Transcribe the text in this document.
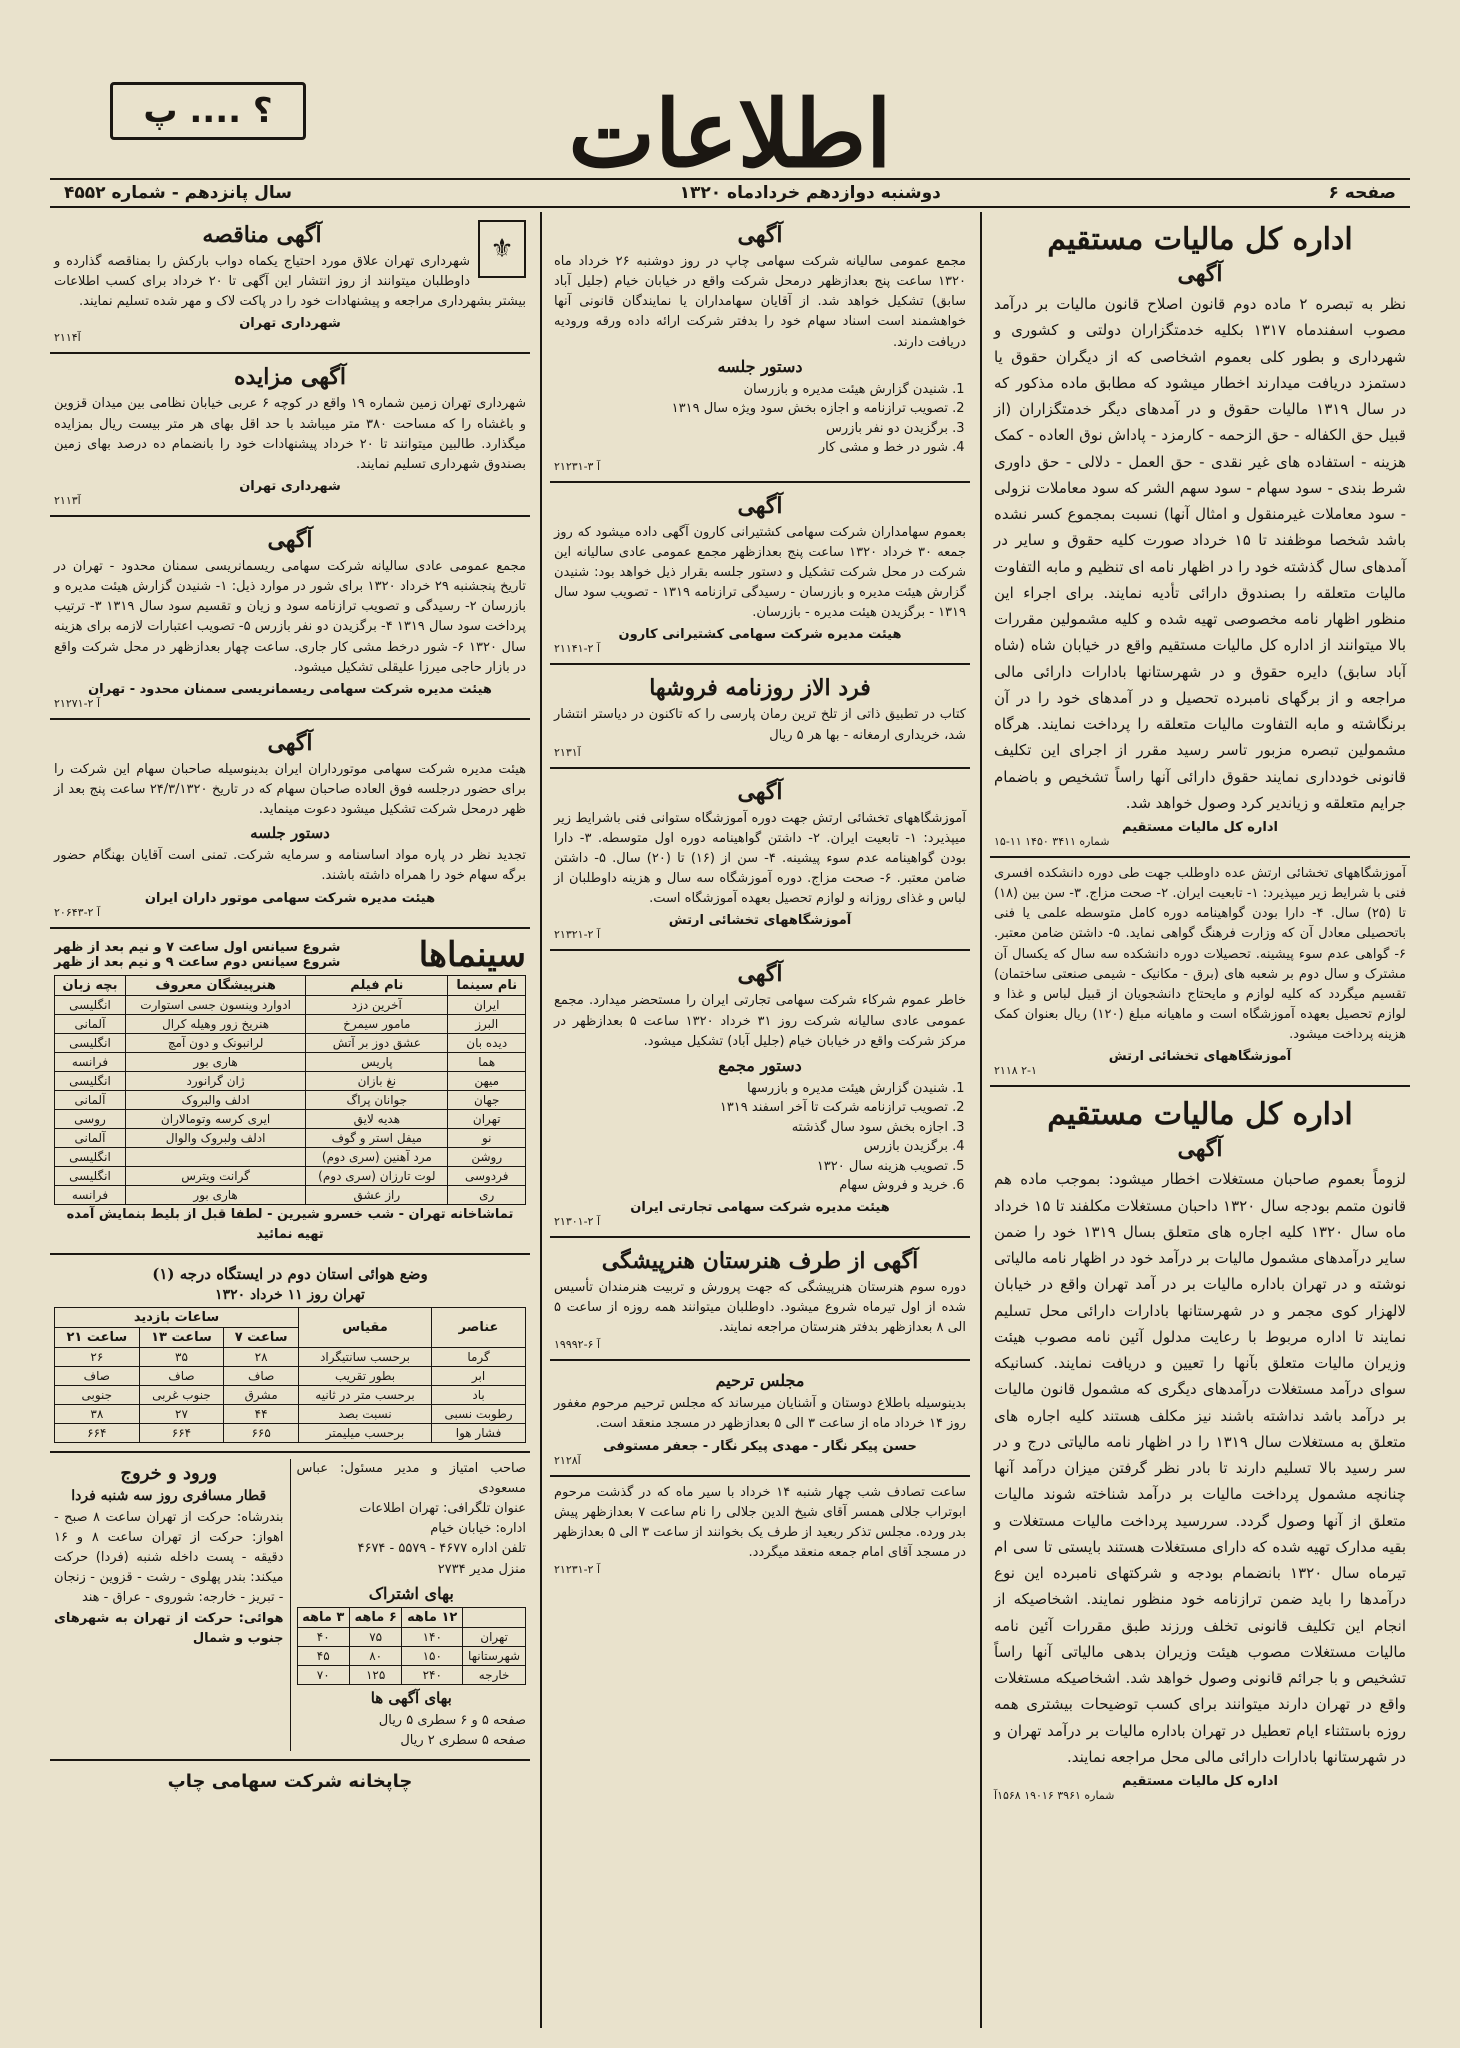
اطلاعات
؟ .... پ
صفحه ۶
دوشنبه دوازدهم خردادماه ۱۳۲۰
سال پانزدهم - شماره ۴۵۵۲
اداره کل مالیات مستقیم
آگهی
نظر به تبصره ۲ ماده دوم قانون اصلاح قانون مالیات بر درآمد مصوب اسفندماه ۱۳۱۷ بکلیه خدمتگزاران دولتی و کشوری و شهرداری و بطور کلی بعموم اشخاصی که از دیگران حقوق یا دستمزد دریافت میدارند اخطار میشود که مطابق ماده مذکور که در سال ۱۳۱۹ مالیات حقوق و در آمدهای دیگر خدمتگزاران (از قبیل حق الکفاله - حق الزحمه - کارمزد - پاداش نوق العاده - کمک هزینه - استفاده های غیر نقدی - حق العمل - دلالی - حق داوری شرط بندی - سود سهام - سود سهم الشر که سود معاملات نزولی - سود معاملات غیرمنقول و امثال آنها) نسبت بمجموع کسر نشده باشد شخصا موظفند تا ۱۵ خرداد صورت کلیه حقوق و سایر در آمدهای سال گذشته خود را در اظهار نامه ای تنظیم و مابه التفاوت مالیات متعلقه را بصندوق دارائی تأدیه نمایند. برای اجراء این منظور اظهار نامه مخصوصی تهیه شده و کلیه مشمولین مقررات بالا میتوانند از اداره کل مالیات مستقیم واقع در خیابان شاه (شاه آباد سابق) دایره حقوق و در شهرستانها بادارات دارائی مالی مراجعه و از برگهای نامبرده تحصیل و در آمدهای خود را در آن برنگاشته و مابه التفاوت مالیات متعلقه را پرداخت نمایند. هرگاه مشمولین تبصره مزبور تاسر رسید مقرر از اجرای این تکلیف قانونی خودداری نمایند حقوق دارائی آنها راساً تشخیص و باضمام جرایم متعلقه و زیاندیر کرد وصول خواهد شد.
اداره کل مالیات مستقیم
شماره ۳۴۱۱ ۱۴۵۰ ۱۱-۱۵
آموزشگاههای تخشائی ارتش عده داوطلب جهت طی دوره دانشکده افسری فنی با شرایط زیر میپذیرد: ۱- تابعیت ایران. ۲- صحت مزاج. ۳- سن بین (۱۸) تا (۲۵) سال. ۴- دارا بودن گواهینامه دوره کامل متوسطه علمی یا فنی باتحصیلی معادل آن که وزارت فرهنگ گواهی نماید. ۵- داشتن ضامن معتبر. ۶- گواهی عدم سوء پیشینه. تحصیلات دوره دانشکده سه سال که یکسال آن مشترک و سال دوم بر شعبه های (برق - مکانیک - شیمی صنعتی ساختمان) تقسیم میگردد که کلیه لوازم و مایحتاج دانشجویان از قبیل لباس و غذا و لوازم تحصیل بعهده آموزشگاه است و ماهیانه مبلغ (۱۲۰) ریال بعنوان کمک هزینه پرداخت میشود.
آموزشگاههای تخشائی ارتش
۲۱۱۸ ۲-۱
اداره کل مالیات مستقیم
آگهی
لزوماً بعموم صاحبان مستغلات اخطار میشود: بموجب ماده هم قانون متمم بودجه سال ۱۳۲۰ داحبان مستغلات مکلفند تا ۱۵ خرداد ماه سال ۱۳۲۰ کلیه اجاره های متعلق بسال ۱۳۱۹ خود را ضمن سایر درآمدهای مشمول مالیات بر درآمد خود در اظهار نامه مالیاتی نوشته و در تهران باداره مالیات بر در آمد تهران واقع در خیابان لالهزار کوی مجمر و در شهرستانها بادارات دارائی محل تسلیم نمایند تا اداره مربوط با رعایت مدلول آئین نامه مصوب هیئت وزیران مالیات متعلق بآنها را تعیین و دریافت نمایند. کسانیکه سوای درآمد مستغلات درآمدهای دیگری که مشمول قانون مالیات بر درآمد باشد نداشته باشند نیز مکلف هستند کلیه اجاره های متعلق به مستغلات سال ۱۳۱۹ را در اظهار نامه مالیاتی درج و در سر رسید بالا تسلیم دارند تا بادر نظر گرفتن میزان درآمد آنها چنانچه مشمول پرداخت مالیات بر درآمد شناخته شوند مالیات متعلق از آنها وصول گردد. سررسید پرداخت مالیات مستغلات و بقیه مدارک تهیه شده که دارای مستغلات هستند بایستی تا سی ام تیرماه سال ۱۳۲۰ بانضمام بودجه و شرکتهای نامبرده این نوع درآمدها را باید ضمن ترازنامه خود منظور نمایند. اشخاصیکه از انجام این تکلیف قانونی تخلف ورزند طبق مقررات آئین نامه مالیات مستغلات مصوب هیئت وزیران بدهی مالیاتی آنها راساً تشخیص و با جرائم قانونی وصول خواهد شد. اشخاصیکه مستغلات واقع در تهران دارند میتوانند برای کسب توضیحات بیشتری همه روزه باستثناء ایام تعطیل در تهران باداره مالیات بر درآمد تهران و در شهرستانها بادارات دارائی مالی محل مراجعه نمایند.
اداره کل مالیات مستقیم
شماره ۳۹۶۱ ۱۹۰۱۶ ۱۵۶۸آ
آگهی
مجمع عمومی سالیانه شرکت سهامی چاپ در روز دوشنبه ۲۶ خرداد ماه ۱۳۲۰ ساعت پنج بعدازظهر درمحل شرکت واقع در خیابان خیام (جلیل آباد سابق) تشکیل خواهد شد. از آقایان سهامداران یا نمایندگان قانونی آنها خواهشمند است اسناد سهام خود را بدفتر شرکت ارائه داده ورقه ورودیه دریافت دارند.
دستور جلسه
1. شنیدن گزارش هیئت مدیره و بازرسان
2. تصویب ترازنامه و اجازه بخش سود ویژه سال ۱۳۱۹
3. برگزیدن دو نفر بازرس
4. شور در خط و مشی کار
۲۱۲۳آ ۳-۱
آگهی
بعموم سهامداران شرکت سهامی کشتیرانی کارون آگهی داده میشود که روز جمعه ۳۰ خرداد ۱۳۲۰ ساعت پنج بعدازظهر مجمع عمومی عادی سالیانه این شرکت در محل شرکت تشکیل و دستور جلسه بقرار ذیل خواهد بود: شنیدن گزارش هیئت مدیره و بازرسان - رسیدگی ترازنامه ۱۳۱۹ - تصویب سود سال ۱۳۱۹ - برگزیدن هیئت مدیره - بازرسان.
هیئت مدیره شرکت سهامی کشتیرانی کارون
۲۱۱۴آ ۲-۱
فرد الاز روزنامه فروشها
کتاب در تطبیق ذاتی از تلخ ترین رمان پارسی را که تاکنون در دیاستر انتشار شد، خریداری ارمغانه - بها هر ۵ ریال
۲۱۳۱آ
آگهی
آموزشگاههای تخشائی ارتش جهت دوره آموزشگاه ستوانی فنی باشرایط زیر میپذیرد: ۱- تابعیت ایران. ۲- داشتن گواهینامه دوره اول متوسطه. ۳- دارا بودن گواهینامه عدم سوء پیشینه. ۴- سن از (۱۶) تا (۲۰) سال. ۵- داشتن ضامن معتبر. ۶- صحت مزاج. دوره آموزشگاه سه سال و هزینه داوطلبان از لباس و غذای روزانه و لوازم تحصیل بعهده آموزشگاه است.
آموزشگاههای تخشائی ارتش
۲۱۳۲آ ۲-۱
آگهی
خاطر عموم شرکاء شرکت سهامی تجارتی ایران را مستحضر میدارد. مجمع عمومی عادی سالیانه شرکت روز ۳۱ خرداد ۱۳۲۰ ساعت ۵ بعدازظهر در مرکز شرکت واقع در خیابان خیام (جلیل آباد) تشکیل میشود.
دستور مجمع
1. شنیدن گزارش هیئت مدیره و بازرسها
2. تصویب ترازنامه شرکت تا آخر اسفند ۱۳۱۹
3. اجازه بخش سود سال گذشته
4. برگزیدن بازرس
5. تصویب هزینه سال ۱۳۲۰
6. خرید و فروش سهام
هیئت مدیره شرکت سهامی تجارتی ایران
۲۱۳۰آ ۲-۱
آگهی از طرف هنرستان هنرپیشگی
دوره سوم هنرستان هنرپیشگی که جهت پرورش و تربیت هنرمندان تأسیس شده از اول تیرماه شروع میشود. داوطلبان میتوانند همه روزه از ساعت ۵ الی ۸ بعدازظهر بدفتر هنرستان مراجعه نمایند.
۱۹۹۹آ ۶-۲
مجلس ترحیم
بدینوسیله باطلاع دوستان و آشنایان میرساند که مجلس ترحیم مرحوم مغفور روز ۱۴ خرداد ماه از ساعت ۳ الی ۵ بعدازظهر در مسجد منعقد است.
حسن پیکر نگار - مهدی پیکر نگار - جعفر مستوفی
۲۱۲۸آ
ساعت تصادف شب چهار شنبه ۱۴ خرداد با سیر ماه که در گذشت مرحوم ابوتراب جلالی همسر آقای شیخ الدین جلالی را نام ساعت ۷ بعدازظهر پیش بدر ورده. مجلس تذکر ربعید از طرف یک بخوانند از ساعت ۳ الی ۵ بعدازظهر در مسجد آقای امام جمعه منعقد میگردد.
۲۱۲۳آ ۲-۱
⚜
آگهی مناقصه
شهرداری تهران علاق مورد احتیاج یکماه دواب بارکش را بمناقصه گذارده و داوطلبان میتوانند از روز انتشار این آگهی تا ۲۰ خرداد برای کسب اطلاعات بیشتر بشهرداری مراجعه و پیشنهادات خود را در پاکت لاک و مهر شده تسلیم نمایند.
شهرداری تهران
۲۱۱۴آ
آگهی مزایده
شهرداری تهران زمین شماره ۱۹ واقع در کوچه ۶ عربی خیابان نظامی بین میدان قزوین و باغشاه را که مساحت ۳۸۰ متر میباشد با حد اقل بهای هر متر بیست ریال بمزایده میگذارد. طالبین میتوانند تا ۲۰ خرداد پیشنهادات خود را بانضمام ده درصد بهای زمین بصندوق شهرداری تسلیم نمایند.
شهرداری تهران
۲۱۱۳آ
آگهی
مجمع عمومی عادی سالیانه شرکت سهامی ریسمانریسی سمنان محدود - تهران در تاریخ پنجشنبه ۲۹ خرداد ۱۳۲۰ برای شور در موارد ذیل: ۱- شنیدن گزارش هیئت مدیره و بازرسان ۲- رسیدگی و تصویب ترازنامه سود و زیان و تقسیم سود سال ۱۳۱۹ ۳- ترتیب پرداخت سود سال ۱۳۱۹ ۴- برگزیدن دو نفر بازرس ۵- تصویب اعتبارات لازمه برای هزینه سال ۱۳۲۰ ۶- شور درخط مشی کار جاری. ساعت چهار بعدازظهر در محل شرکت واقع در بازار حاجی میرزا علیقلی تشکیل میشود.
هیئت مدیره شرکت سهامی ریسمانریسی سمنان محدود - تهران
۲۱۲۷آ ۲-۱
آگهی
هیئت مدیره شرکت سهامی موتورداران ایران بدینوسیله صاحبان سهام این شرکت را برای حضور درجلسه فوق العاده صاحبان سهام که در تاریخ ۲۴/۳/۱۳۲۰ ساعت پنج بعد از ظهر درمحل شرکت تشکیل میشود دعوت مینماید.
دستور جلسه
تجدید نظر در پاره مواد اساسنامه و سرمایه شرکت. تمنی است آقایان بهنگام حضور برگه سهام خود را همراه داشته باشند.
هیئت مدیره شرکت سهامی موتور داران ایران
۲۰۶۴آ ۲-۳
سینماها
شروع سیانس اول ساعت ۷ و نیم بعد از ظهر
شروع سیانس دوم ساعت ۹ و نیم بعد از ظهر
نام سینما	نام فیلم	هنرپیشگان معروف	بچه زبان
ایران	آخرین دزد	ادوارد وینسون جسی استوارت	انگلیسی
البرز	مامور سیمرخ	هنریخ زور وهیله کرال	آلمانی
دیده بان	عشق دوز بر آتش	لرانبونک و دون آمچ	انگلیسی
هما	پاریس	هاری بور	فرانسه
میهن	نغ بازان	ژان گرانورد	انگلیسی
جهان	جوانان پراگ	ادلف والبروک	آلمانی
تهران	هدیه لایق	ایری کرسه وتومالاران	روسی
نو	میفل استر و گوف	ادلف ولبروک والوال	آلمانی
روشن	مرد آهنین (سری دوم)		انگلیسی
فردوسی	لوت تارزان (سری دوم)	گرانت ویترس	انگلیسی
ری	راز عشق	هاری بور	فرانسه
تماشاخانه تهران - شب خسرو شیرین - لطفا قبل از بلیط بنمایش آمده تهیه نمائید
وضع هوائی استان دوم در ایستگاه درجه (۱)
تهران روز ۱۱ خرداد ۱۳۲۰
عناصر	مقیاس	ساعات بازدید		
		ساعت ۷	ساعت ۱۳	ساعت ۲۱
گرما	برحسب سانتیگراد	۲۸	۳۵	۲۶
ابر	بطور تقریب	صاف	صاف	صاف
باد	برحسب متر در ثانیه	مشرق	جنوب غربی	جنوبی
رطوبت نسبی	نسبت بصد	۴۴	۲۷	۳۸
فشار هوا	برحسب میلیمتر	۶۶۵	۶۶۴	۶۶۴
صاحب امتیاز و مدیر مسئول: عباس مسعودی
عنوان تلگرافی: تهران اطلاعات
اداره: خیابان خیام
تلفن اداره ۴۶۷۷ - ۵۵۷۹ - ۴۶۷۴
منزل مدیر ۲۷۳۴
بهای اشتراک
	۱۲ ماهه	۶ ماهه	۳ ماهه
تهران	۱۴۰	۷۵	۴۰
شهرستانها	۱۵۰	۸۰	۴۵
خارجه	۲۴۰	۱۲۵	۷۰
بهای آگهی ها
صفحه ۵ و ۶ سطری ۵ ریال
صفحه ۵ سطری ۲ ریال
ورود و خروج
قطار مسافری روز سه شنبه فردا
بندرشاه: حرکت از تهران ساعت ۸ صبح - اهواز: حرکت از تهران ساعت ۸ و ۱۶ دقیقه - پست داخله شنبه (فردا) حرکت میکند: بندر پهلوی - رشت - قزوین - زنجان - تبریز - خارجه: شوروی - عراق - هند
هوائی: حرکت از تهران به شهرهای جنوب و شمال
چاپخانه شرکت سهامی چاپ
